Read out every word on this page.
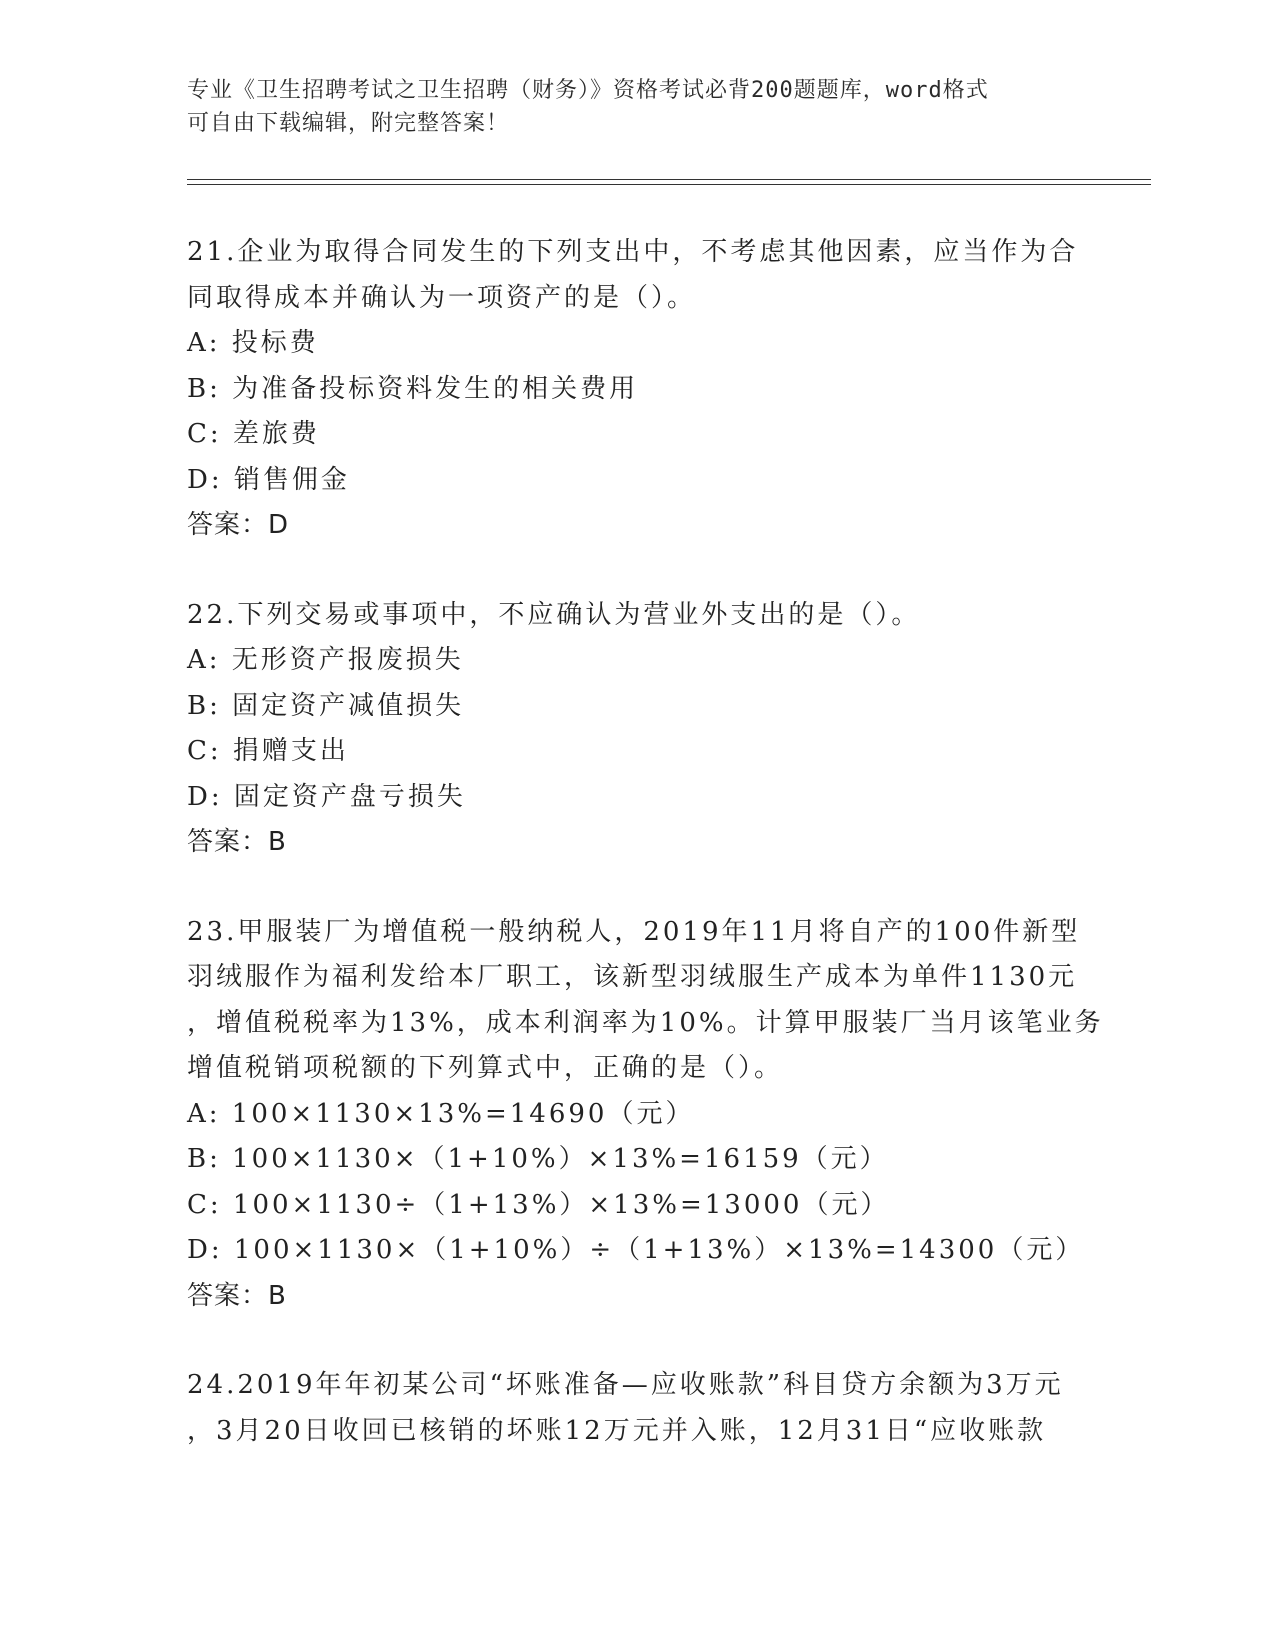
专业《卫生招聘考试之卫生招聘（财务）》资格考试必背200题题库，word格式
可自由下载编辑，附完整答案！
21.企业为取得合同发生的下列支出中，不考虑其他因素，应当作为合
同取得成本并确认为一项资产的是（）。
A: 投标费
B: 为准备投标资料发生的相关费用
C: 差旅费
D: 销售佣金
答案：D
22.下列交易或事项中，不应确认为营业外支出的是（）。
A: 无形资产报废损失
B: 固定资产减值损失
C: 捐赠支出
D: 固定资产盘亏损失
答案：B
23.甲服装厂为增值税一般纳税人，2019年11月将自产的100件新型
羽绒服作为福利发给本厂职工，该新型羽绒服生产成本为单件1130元
，增值税税率为13%，成本利润率为10%。计算甲服装厂当月该笔业务
增值税销项税额的下列算式中，正确的是（）。
A: 100×1130×13%=14690（元）
B: 100×1130×（1+10%）×13%=16159（元）
C: 100×1130÷（1+13%）×13%=13000（元）
D: 100×1130×（1+10%）÷（1+13%）×13%=14300（元）
答案：B
24.2019年年初某公司“坏账准备—应收账款”科目贷方余额为3万元
，3月20日收回已核销的坏账12万元并入账，12月31日“应收账款
